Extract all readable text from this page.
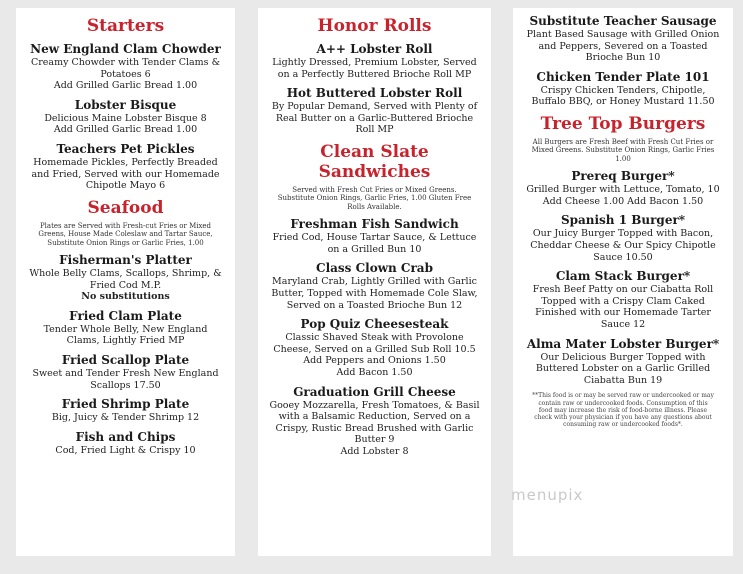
Starters
New England Clam Chowder
Creamy Chowder with Tender Clams & Potatoes 6
Add Grilled Garlic Bread 1.00
Lobster Bisque
Delicious Maine Lobster Bisque 8
Add Grilled Garlic Bread 1.00
Teachers Pet Pickles
Homemade Pickles, Perfectly Breaded and Fried, Served with our Homemade Chipotle Mayo 6
Seafood
Plates are Served with Fresh-cut Fries or Mixed Greens, House Made Coleslaw and Tartar Sauce, Substitute Onion Rings or Garlic Fries, 1.00
Fisherman's Platter
Whole Belly Clams, Scallops, Shrimp, & Fried Cod M.P.
No substitutions
Fried Clam Plate
Tender Whole Belly, New England Clams, Lightly Fried MP
Fried Scallop Plate
Sweet and Tender Fresh New England Scallops 17.50
Fried Shrimp Plate
Big, Juicy & Tender Shrimp 12
Fish and Chips
Cod, Fried Light & Crispy 10
Honor Rolls
A++ Lobster Roll
Lightly Dressed, Premium Lobster, Served on a Perfectly Buttered Brioche Roll MP
Hot Buttered Lobster Roll
By Popular Demand, Served with Plenty of Real Butter on a Garlic-Buttered Brioche Roll MP
Clean Slate Sandwiches
Served with Fresh Cut Fries or Mixed Greens. Substitute Onion Rings, Garlic Fries, 1.00 Gluten Free Rolls Available.
Freshman Fish Sandwich
Fried Cod, House Tartar Sauce, & Lettuce on a Grilled Bun 10
Class Clown Crab
Maryland Crab, Lightly Grilled with Garlic Butter, Topped with Homemade Cole Slaw, Served on a Toasted Brioche Bun 12
Pop Quiz Cheesesteak
Classic Shaved Steak with Provolone Cheese, Served on a Grilled Sub Roll 10.5
Add Peppers and Onions 1.50
Add Bacon 1.50
Graduation Grill Cheese
Gooey Mozzarella, Fresh Tomatoes, & Basil with a Balsamic Reduction, Served on a Crispy, Rustic Bread Brushed with Garlic Butter 9
Add Lobster 8
Substitute Teacher Sausage
Plant Based Sausage with Grilled Onion and Peppers, Severed on a Toasted Brioche Bun 10
Chicken Tender Plate 101
Crispy Chicken Tenders, Chipotle, Buffalo BBQ, or Honey Mustard 11.50
Tree Top Burgers
All Burgers are Fresh Beef with Fresh Cut Fries or Mixed Greens. Substitute Onion Rings, Garlic Fries 1.00
Prereq Burger*
Grilled Burger with Lettuce, Tomato, 10
Add Cheese 1.00 Add Bacon 1.50
Spanish 1 Burger*
Our Juicy Burger Topped with Bacon, Cheddar Cheese & Our Spicy Chipotle Sauce 10.50
Clam Stack Burger*
Fresh Beef Patty on our Ciabatta Roll Topped with a Crispy Clam Caked Finished with our Homemade Tarter Sauce 12
Alma Mater Lobster Burger*
Our Delicious Burger Topped with Buttered Lobster on a Garlic Grilled Ciabatta Bun 19
**This food is or may be served raw or undercooked or may contain raw or undercooked foods. Consumption of this food may increase the risk of food-borne illness. Please check with your physician if you have any questions about consuming raw or undercooked foods*.
menupix
